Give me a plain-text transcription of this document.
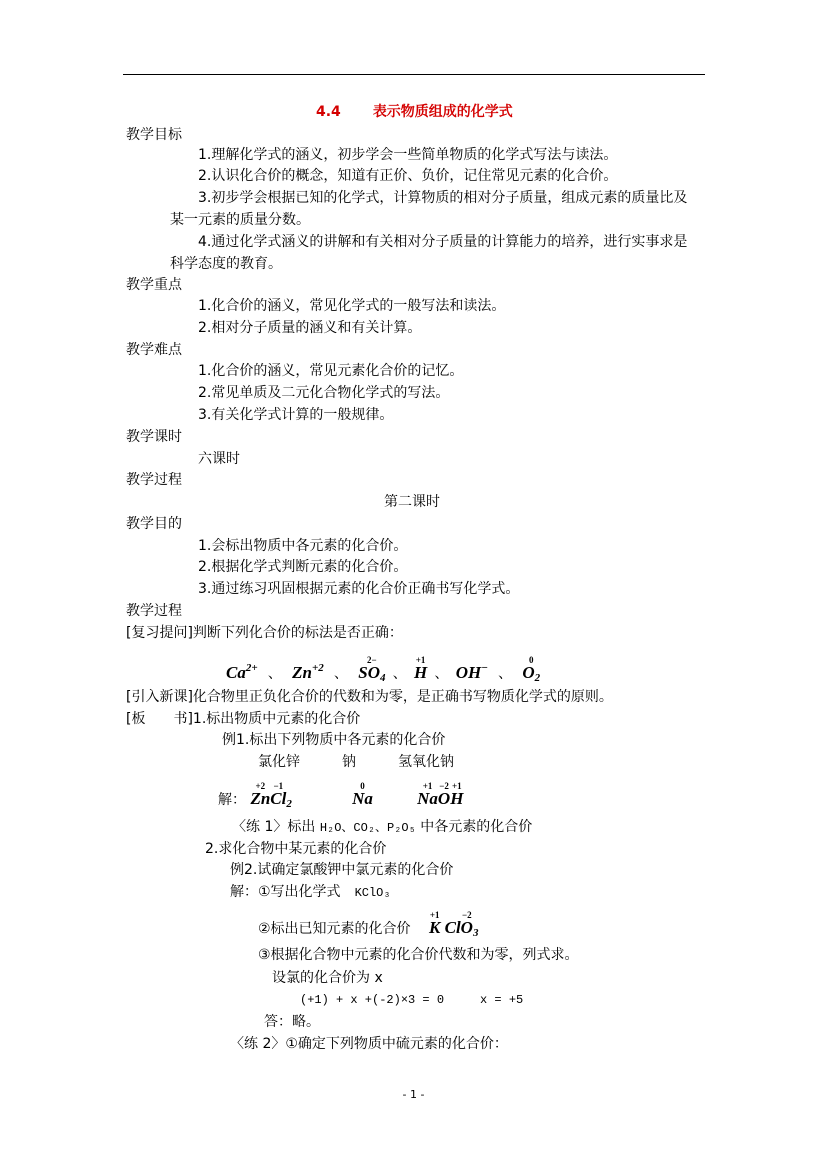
4.4 表示物质组成的化学式
教学目标
1.理解化学式的涵义，初步学会一些简单物质的化学式写法与读法。
2.认识化合价的概念，知道有正价、负价，记住常见元素的化合价。
3.初步学会根据已知的化学式，计算物质的相对分子质量，组成元素的质量比及
某一元素的质量分数。
4.通过化学式涵义的讲解和有关相对分子质量的计算能力的培养，进行实事求是
科学态度的教育。
教学重点
1.化合价的涵义，常见化学式的一般写法和读法。
2.相对分子质量的涵义和有关计算。
教学难点
1.化合价的涵义，常见元素化合价的记忆。
2.常见单质及二元化合物化学式的写法。
3.有关化学式计算的一般规律。
教学课时
六课时
教学过程
第二课时
教学目的
1.会标出物质中各元素的化合价。
2.根据化学式判断元素的化合价。
3.通过练习巩固根据元素的化合价正确书写化学式。
教学过程
[复习提问]判断下列化合价的标法是否正确：
$Ca^{2+}$ 、 $Zn^{+2}$ 、
2−
$SO_4$ 、
+1
H 、 OH− 、
0
$O_2$
[引入新课]化合物里正负化合价的代数和为零，是正确书写物质化学式的原则。
[板　　书]1.标出物质中元素的化合价
例1.标出下列物质中各元素的化合价
氯化锌　　　钠　　　氢氧化钠
解：
+2
Zn
−1
$Cl_2$
0
Na
+1
Na
−2
O
+1
H
〈练 1〉标出 H₂O、CO₂、P₂O₅ 中各元素的化合价
2.求化合物中某元素的化合价
例2.试确定氯酸钾中氯元素的化合价
解：①写出化学式　KClO₃
②标出已知元素的化合价　
+1
K Cl
−2
$O_3$
③根据化合物中元素的化合价代数和为零，列式求。
设氯的化合价为 x
(+1) + x +(-2)×3 = 0　　　x = +5
答：略。
〈练 2〉①确定下列物质中硫元素的化合价：
- 1 -
